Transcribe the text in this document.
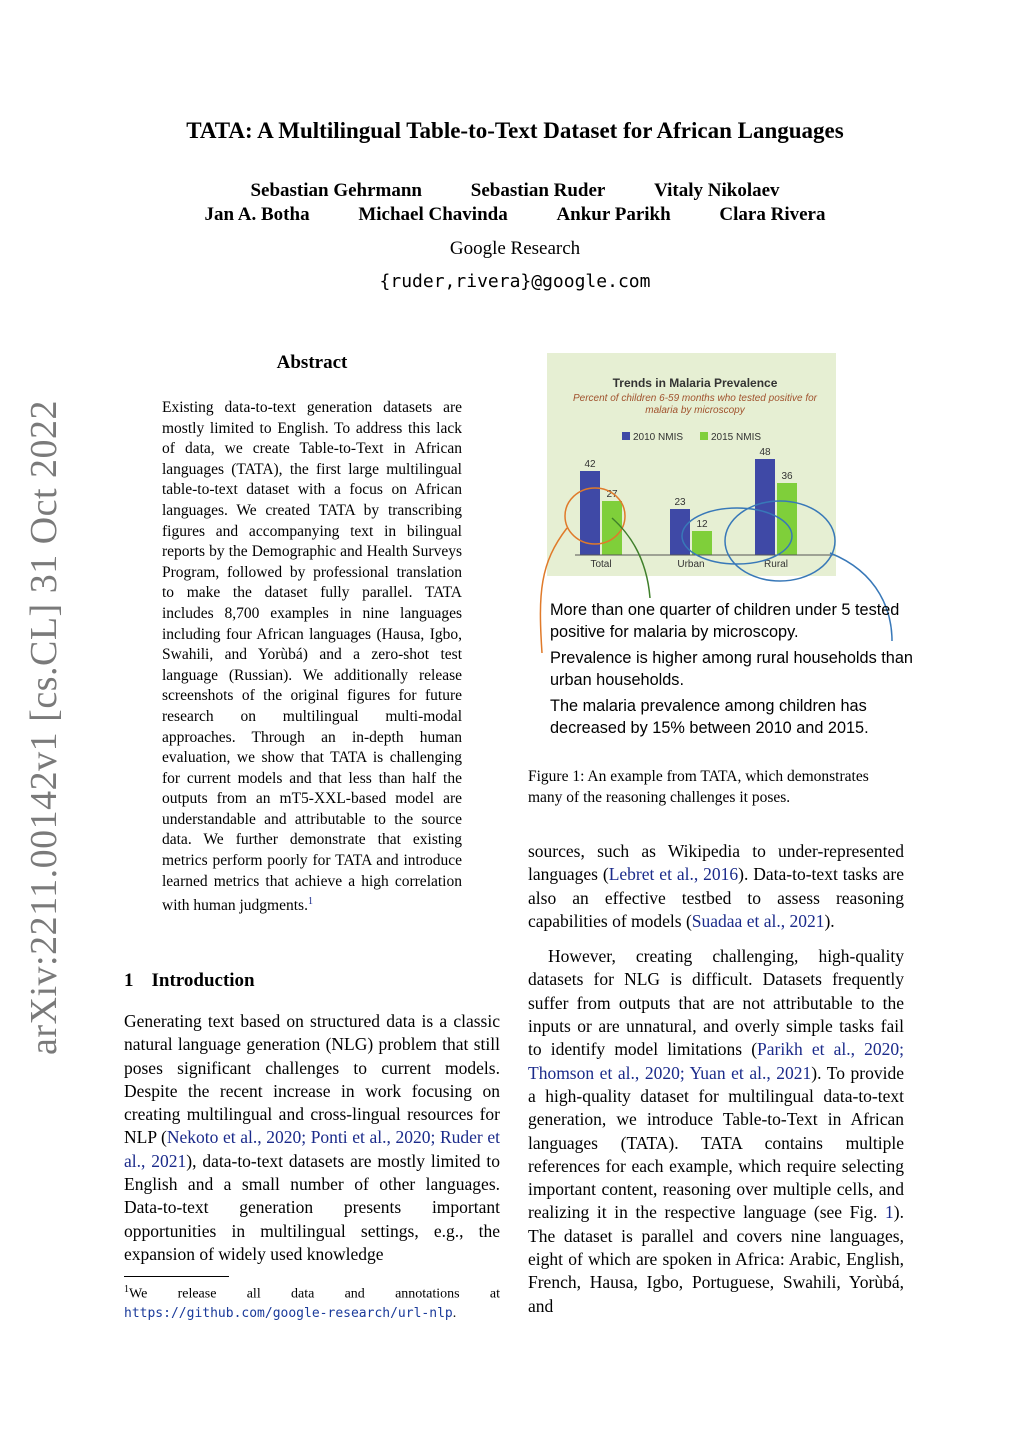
arXiv:2211.00142v1 [cs.CL] 31 Oct 2022
TATA: A Multilingual Table-to-Text Dataset for African Languages
Sebastian Gehrmann	Sebastian Ruder	Vitaly Nikolaev
Jan A. Botha	Michael Chavinda	Ankur Parikh	Clara Rivera
Google Research
{ruder,rivera}@google.com
Abstract
Existing data-to-text generation datasets are mostly limited to English. To address this lack of data, we create Table-to-Text in African languages (TATA), the first large multilingual table-to-text dataset with a focus on African languages. We created TATA by transcribing figures and accompanying text in bilingual reports by the Demographic and Health Surveys Program, followed by professional translation to make the dataset fully parallel. TATA includes 8,700 examples in nine languages including four African languages (Hausa, Igbo, Swahili, and Yorùbá) and a zero-shot test language (Russian). We additionally release screenshots of the original figures for future research on multilingual multi-modal approaches. Through an in-depth human evaluation, we show that TATA is challenging for current models and that less than half the outputs from an mT5-XXL-based model are understandable and attributable to the source data. We further demonstrate that existing metrics perform poorly for TATA and introduce learned metrics that achieve a high correlation with human judgments.$^1$
1 Introduction
Generating text based on structured data is a classic natural language generation (NLG) problem that still poses significant challenges to current models. Despite the recent increase in work focusing on creating multilingual and cross-lingual resources for NLP (Nekoto et al., 2020; Ponti et al., 2020; Ruder et al., 2021), data-to-text datasets are mostly limited to English and a small number of other languages. Data-to-text generation presents important opportunities in multilingual settings, e.g., the expansion of widely used knowledge
$^1$We release all data and annotations at https://github.com/google-research/url-nlp.
Trends in Malaria Prevalence
Percent of children 6-59 months who tested positive for malaria by microscopy
2010 NMIS	2015 NMIS
42
27
23
12
48
36
Total	Urban	Rural

More than one quarter of children under 5 tested positive for malaria by microscopy.

Prevalence is higher among rural households than urban households.

The malaria prevalence among children has decreased by 15% between 2010 and 2015.

Figure 1: An example from TATA, which demonstrates many of the reasoning challenges it poses.

sources, such as Wikipedia to under-represented languages (Lebret et al., 2016). Data-to-text tasks are also an effective testbed to assess reasoning capabilities of models (Suadaa et al., 2021).

However, creating challenging, high-quality datasets for NLG is difficult. Datasets frequently suffer from outputs that are not attributable to the inputs or are unnatural, and overly simple tasks fail to identify model limitations (Parikh et al., 2020; Thomson et al., 2020; Yuan et al., 2021). To provide a high-quality dataset for multilingual data-to-text generation, we introduce Table-to-Text in African languages (TATA). TATA contains multiple references for each example, which require selecting important content, reasoning over multiple cells, and realizing it in the respective language (see Fig. 1). The dataset is parallel and covers nine languages, eight of which are spoken in Africa: Arabic, English, French, Hausa, Igbo, Portuguese, Swahili, Yorùbá, and
